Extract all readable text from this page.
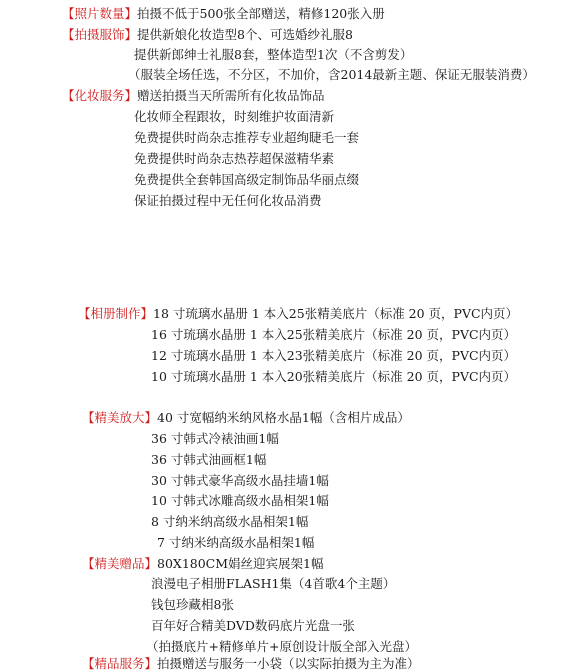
【照片数量】拍摄不低于500张全部赠送，精修120张入册
【拍摄服饰】提供新娘化妆造型8个、可选婚纱礼服8
提供新郎绅士礼服8套，整体造型1次（不含剪发）
（服装全场任选，不分区，不加价，含2014最新主题、保证无服装消费）
【化妆服务】赠送拍摄当天所需所有化妆品饰品
化妆师全程跟妆，时刻维护妆面清新
免费提供时尚杂志推荐专业超绚睫毛一套
免费提供时尚杂志热荐超保滋精华素
免费提供全套韩国高级定制饰品华丽点缀
保证拍摄过程中无任何化妆品消费
【相册制作】18 寸琉璃水晶册 1 本入25张精美底片（标准 20 页，PVC内页）
16 寸琉璃水晶册 1 本入25张精美底片（标准 20 页，PVC内页）
12 寸琉璃水晶册 1 本入23张精美底片（标准 20 页，PVC内页）
10 寸琉璃水晶册 1 本入20张精美底片（标准 20 页，PVC内页）
【精美放大】40 寸宽幅纳米纳风格水晶1幅（含相片成品）
36 寸韩式冷裱油画1幅
36 寸韩式油画框1幅
30 寸韩式豪华高级水晶挂墙1幅
10 寸韩式冰雕高级水晶相架1幅
8 寸纳米纳高级水晶相架1幅
7 寸纳米纳高级水晶相架1幅
【精美赠品】80X180CM娟丝迎宾展架1幅
浪漫电子相册FLASH1集（4首歌4个主题）
钱包珍藏相8张
百年好合精美DVD数码底片光盘一张
（拍摄底片+精修单片+原创设计版全部入光盘）
【精品服务】拍摄赠送与服务一小袋（以实际拍摄为主为准）
